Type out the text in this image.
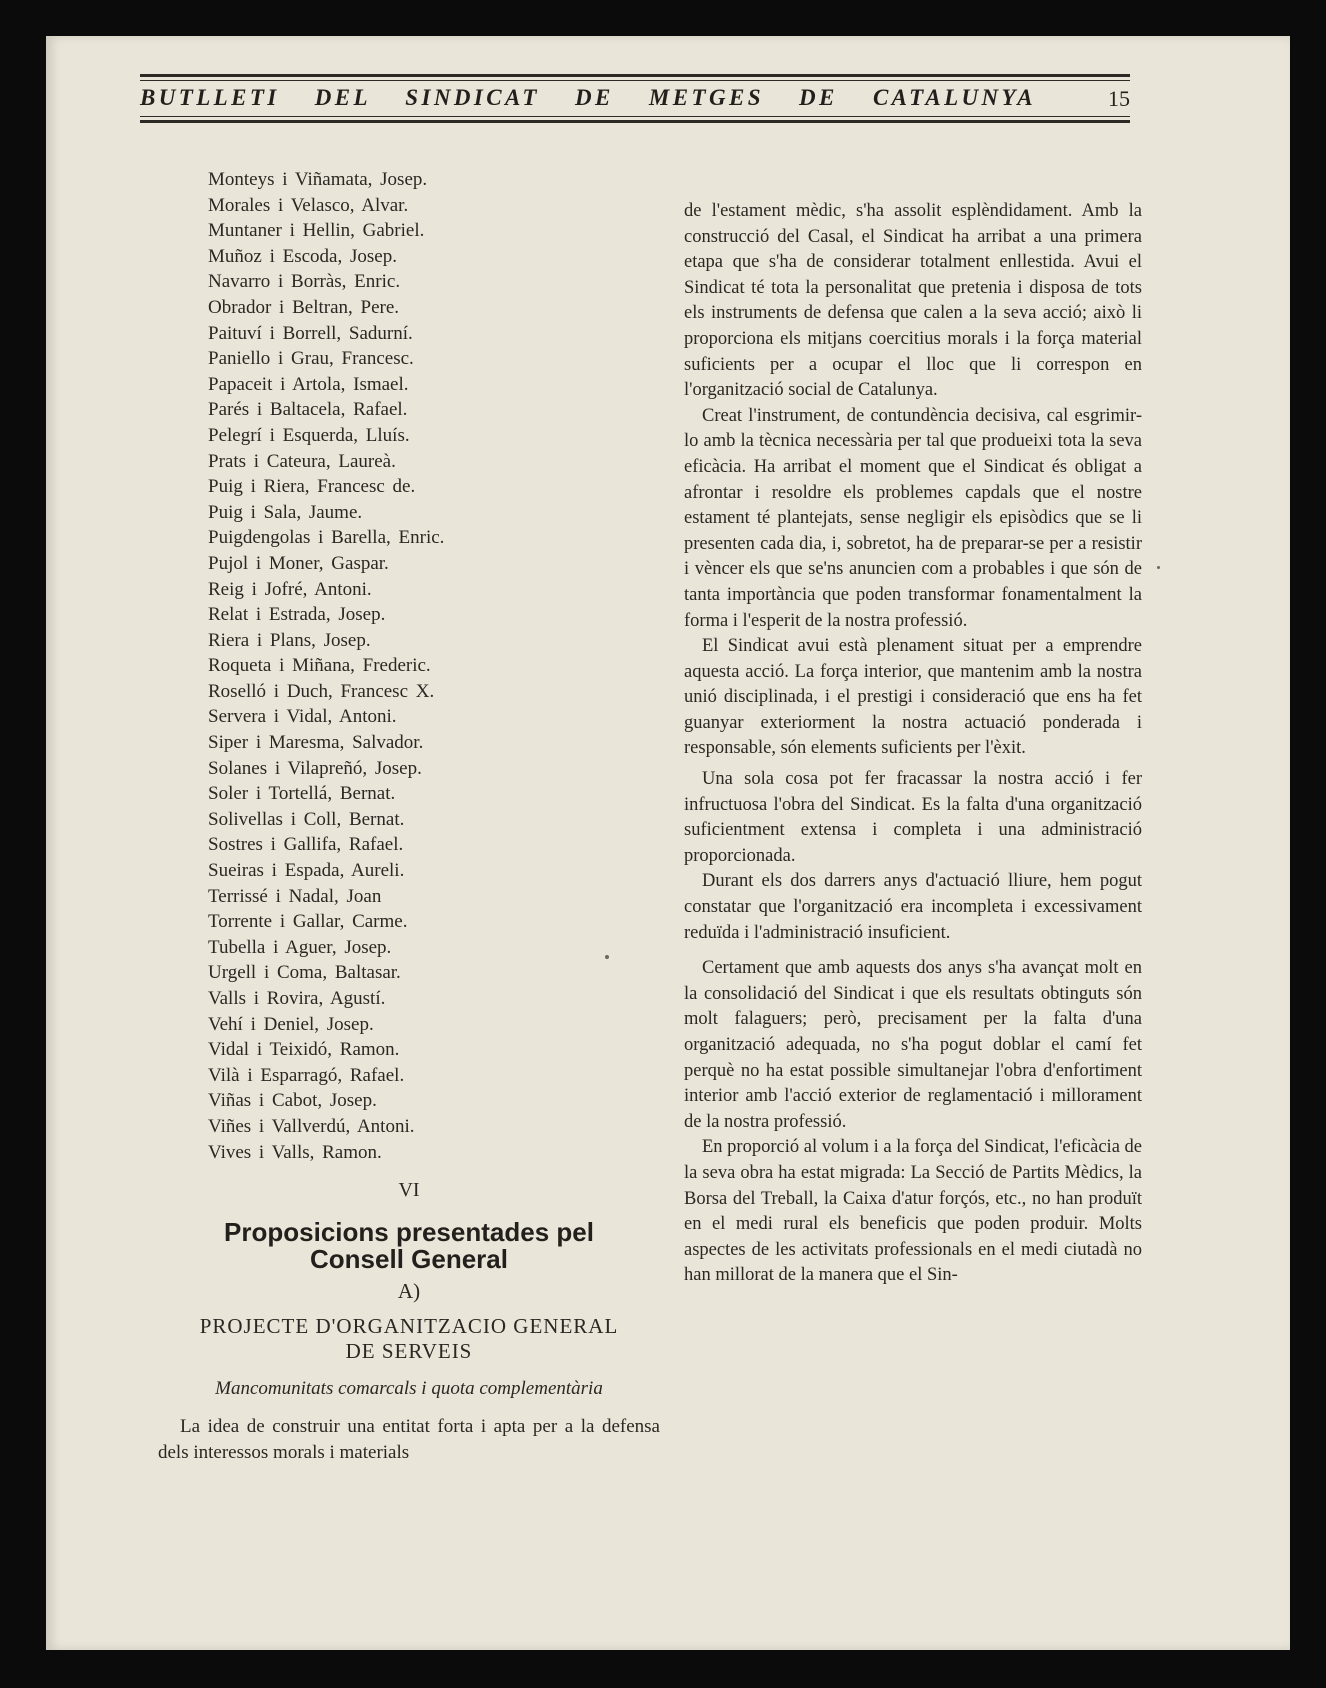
BUTLLETI DEL SINDICAT DE METGES DE CATALUNYA	15
Monteys i Viñamata, Josep.
Morales i Velasco, Alvar.
Muntaner i Hellin, Gabriel.
Muñoz i Escoda, Josep.
Navarro i Borràs, Enric.
Obrador i Beltran, Pere.
Paituví i Borrell, Sadurní.
Paniello i Grau, Francesc.
Papaceit i Artola, Ismael.
Parés i Baltacela, Rafael.
Pelegrí i Esquerda, Lluís.
Prats i Cateura, Laureà.
Puig i Riera, Francesc de.
Puig i Sala, Jaume.
Puigdengolas i Barella, Enric.
Pujol i Moner, Gaspar.
Reig i Jofré, Antoni.
Relat i Estrada, Josep.
Riera i Plans, Josep.
Roqueta i Miñana, Frederic.
Roselló i Duch, Francesc X.
Servera i Vidal, Antoni.
Siper i Maresma, Salvador.
Solanes i Vilapreñó, Josep.
Soler i Tortellá, Bernat.
Solivellas i Coll, Bernat.
Sostres i Gallifa, Rafael.
Sueiras i Espada, Aureli.
Terrissé i Nadal, Joan
Torrente i Gallar, Carme.
Tubella i Aguer, Josep.
Urgell i Coma, Baltasar.
Valls i Rovira, Agustí.
Vehí i Deniel, Josep.
Vidal i Teixidó, Ramon.
Vilà i Esparragó, Rafael.
Viñas i Cabot, Josep.
Viñes i Vallverdú, Antoni.
Vives i Valls, Ramon.
VI
Proposicions presentades pel
Consell General
A)
PROJECTE D'ORGANITZACIO GENERAL
DE SERVEIS
Mancomunitats comarcals i quota complementària
La idea de construir una entitat forta i apta per a la defensa dels interessos morals i materials

de l'estament mèdic, s'ha assolit esplèndidament. Amb la construcció del Casal, el Sindicat ha arribat a una primera etapa que s'ha de considerar totalment enllestida. Avui el Sindicat té tota la personalitat que pretenia i disposa de tots els instruments de defensa que calen a la seva acció; això li proporciona els mitjans coercitius morals i la força material suficients per a ocupar el lloc que li correspon en l'organització social de Catalunya.

Creat l'instrument, de contundència decisiva, cal esgrimir-lo amb la tècnica necessària per tal que produeixi tota la seva eficàcia. Ha arribat el moment que el Sindicat és obligat a afrontar i resoldre els problemes capdals que el nostre estament té plantejats, sense negligir els episòdics que se li presenten cada dia, i, sobretot, ha de preparar-se per a resistir i vèncer els que se'ns anuncien com a probables i que són de tanta importància que poden transformar fonamentalment la forma i l'esperit de la nostra professió.

El Sindicat avui està plenament situat per a emprendre aquesta acció. La força interior, que mantenim amb la nostra unió disciplinada, i el prestigi i consideració que ens ha fet guanyar exteriorment la nostra actuació ponderada i responsable, són elements suficients per l'èxit.

Una sola cosa pot fer fracassar la nostra acció i fer infructuosa l'obra del Sindicat. Es la falta d'una organització suficientment extensa i completa i una administració proporcionada.

Durant els dos darrers anys d'actuació lliure, hem pogut constatar que l'organització era incompleta i excessivament reduïda i l'administració insuficient.

Certament que amb aquests dos anys s'ha avançat molt en la consolidació del Sindicat i que els resultats obtinguts són molt falaguers; però, precisament per la falta d'una organització adequada, no s'ha pogut doblar el camí fet perquè no ha estat possible simultanejar l'obra d'enfortiment interior amb l'acció exterior de reglamentació i millorament de la nostra professió.

En proporció al volum i a la força del Sindicat, l'eficàcia de la seva obra ha estat migrada: La Secció de Partits Mèdics, la Borsa del Treball, la Caixa d'atur forçós, etc., no han produït en el medi rural els beneficis que poden produir. Molts aspectes de les activitats professionals en el medi ciutadà no han millorat de la manera que el Sin-
